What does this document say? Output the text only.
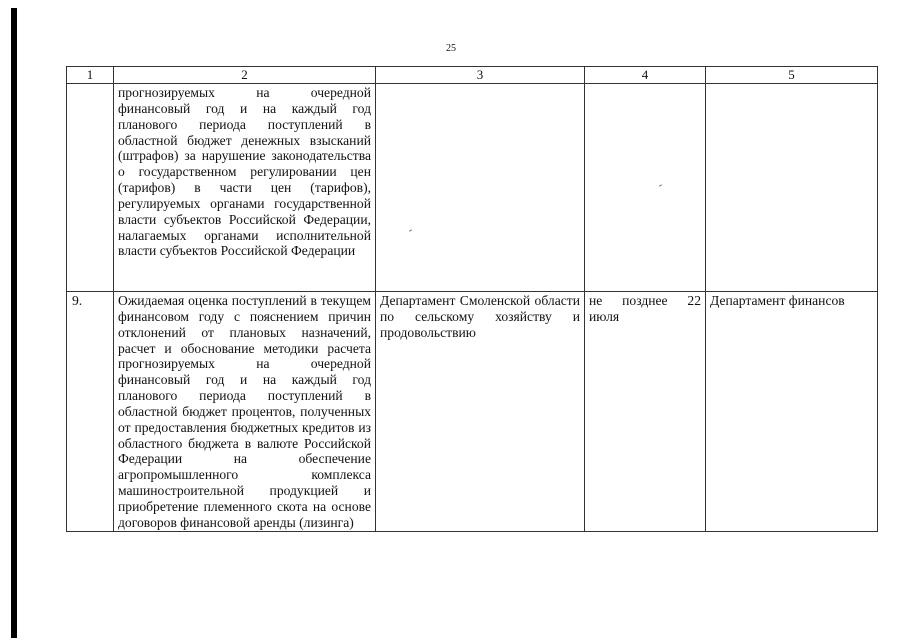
25
1	2	3	4	5
	прогнозируемых на очередной финансовый год и на каждый год планового периода поступлений в областной бюджет денежных взысканий (штрафов) за нарушение законодательства о государственном регулировании цен (тарифов) в части цен (тарифов), регулируемых органами государственной власти субъектов Российской Федерации, налагаемых органами исполнительной власти субъектов Российской Федерации			
9.	Ожидаемая оценка поступлений в текущем финансовом году с пояснением причин отклонений от плановых назначений, расчет и обоснование методики расчета прогнозируемых на очередной финансовый год и на каждый год планового периода поступлений в областной бюджет процентов, полученных от предоставления бюджетных кредитов из областного бюджета в валюте Российской Федерации на обеспечение агропромышленного комплекса машиностроительной продукцией и приобретение племенного скота на основе договоров финансовой аренды (лизинга)	Департамент Смоленской области по сельскому хозяйству и продовольствию	не позднее 22 июля	Департамент финансов
